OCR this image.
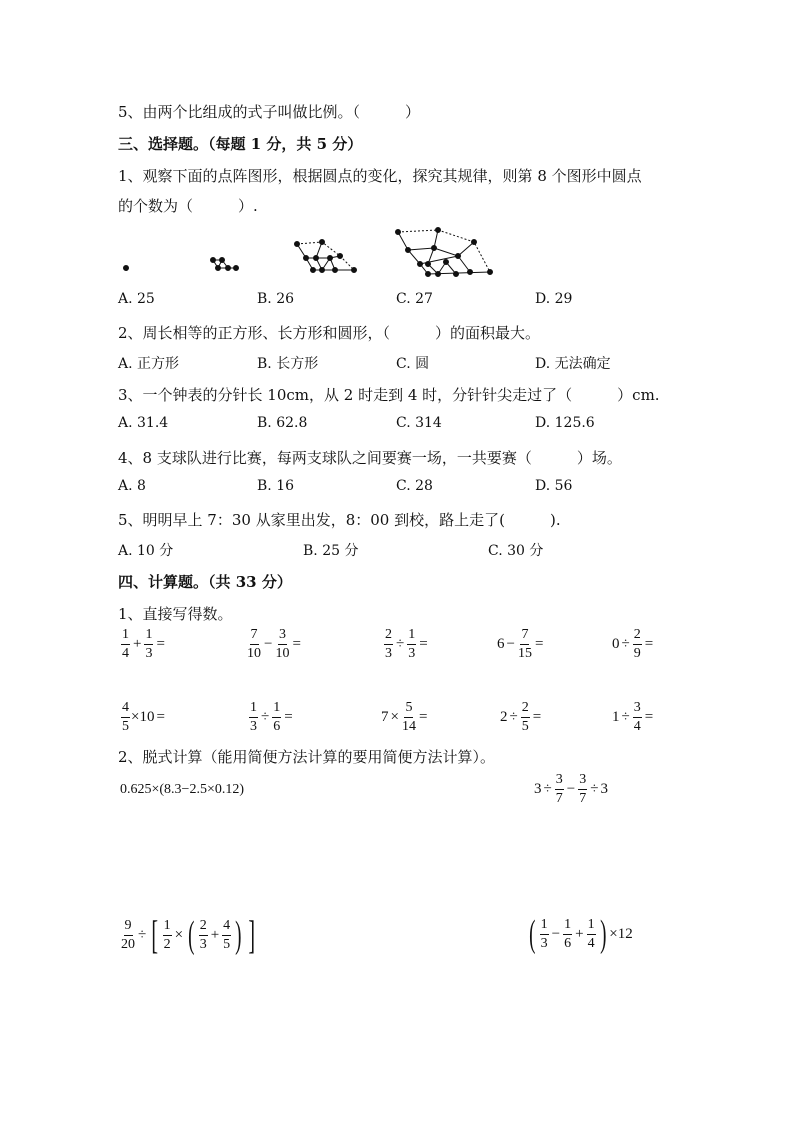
5、由两个比组成的式子叫做比例。（　　　）
三、选择题。（每题 1 分，共 5 分）
1、观察下面的点阵图形，根据圆点的变化，探究其规律，则第 8 个图形中圆点
的个数为（　　　）.
A. 25	B. 26	C. 27	D. 29
2、周长相等的正方形、长方形和圆形，（　　　）的面积最大。
A. 正方形	B. 长方形	C. 圆	D. 无法确定
3、一个钟表的分针长 10cm，从 2 时走到 4 时，分针针尖走过了（　　　）cm.
A. 31.4	B. 62.8	C. 314	D. 125.6
4、8 支球队进行比赛，每两支球队之间要赛一场，一共要赛（　　　）场。
A. 8	B. 16	C. 28	D. 56
5、明明早上 7：30 从家里出发，8：00 到校，路上走了(　　　).
A. 10 分	B. 25 分	C. 30 分
四、计算题。（共 33 分）
1、直接写得数。
$\frac{1}{4} + \frac{1}{3}$ =	$\frac{7}{10} - \frac{3}{10}$ =	$\frac{2}{3} \div \frac{1}{3}$ =	$6 - \frac{7}{15}$ =	$0 \div \frac{2}{9}$ =
$\frac{4}{5} \times 10$ =	$\frac{1}{3} \div \frac{1}{6}$ =	$7 \times \frac{5}{14}$ =	$2 \div \frac{2}{5}$ =	$1 \div \frac{3}{4}$ =
2、脱式计算（能用简便方法计算的要用简便方法计算）。
0.625×(8.3−2.5×0.12)	$3 \div \frac{3}{7} - \frac{3}{7} \div 3$
$\frac{9}{20}$ ÷ [ $\frac{1}{2}$ × ( $\frac{2}{3} + \frac{4}{5}$ ) ]	( $\frac{1}{3} - \frac{1}{6} + \frac{1}{4}$ ) ×12
